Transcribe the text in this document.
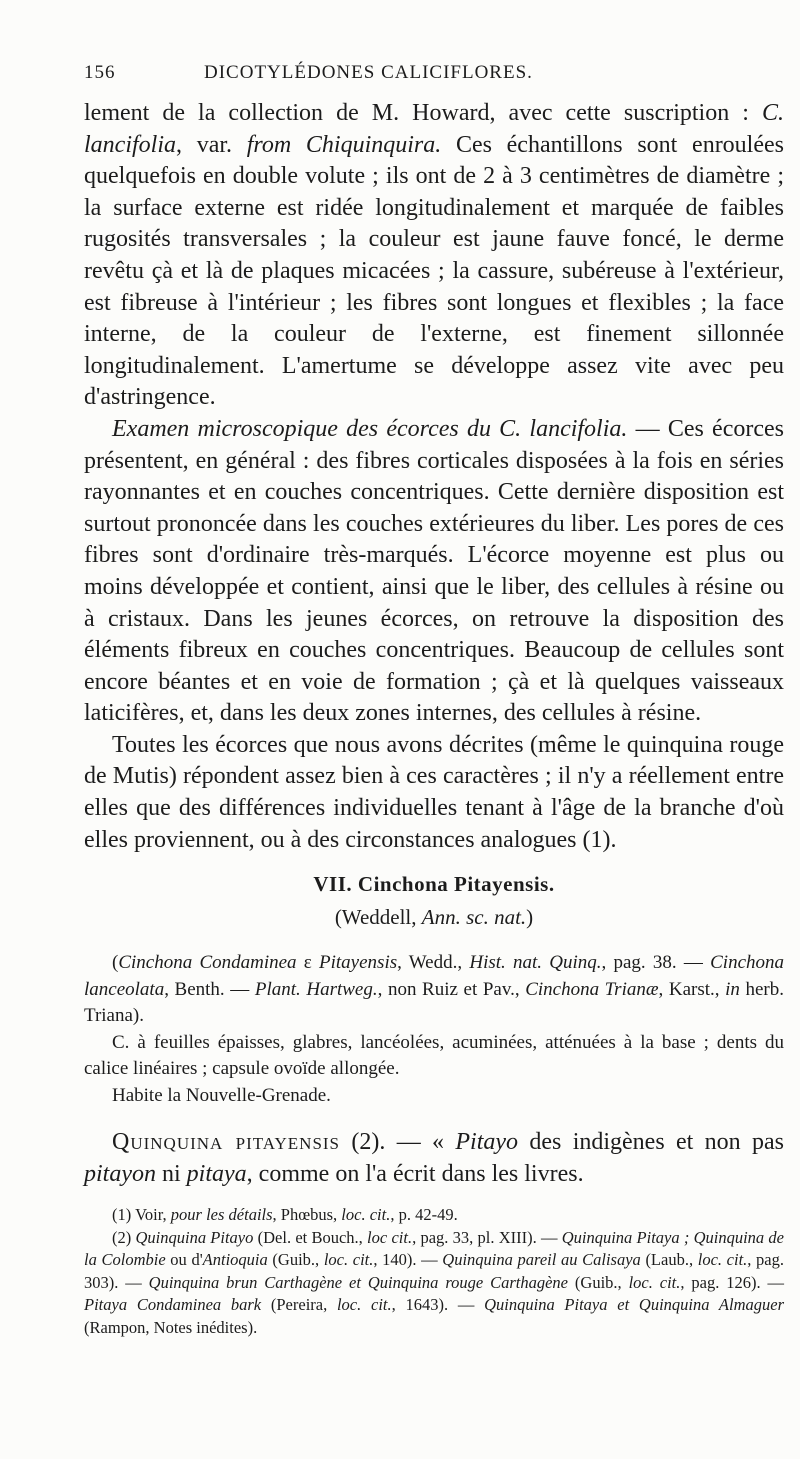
156	DICOTYLÉDONES CALICIFLORES.

lement de la collection de M. Howard, avec cette suscription : C. lancifolia, var. from Chiquinquira. Ces échantillons sont enroulées quelquefois en double volute ; ils ont de 2 à 3 centimètres de diamètre ; la surface externe est ridée longitudinalement et marquée de faibles rugosités transversales ; la couleur est jaune fauve foncé, le derme revêtu çà et là de plaques micacées ; la cassure, subéreuse à l'extérieur, est fibreuse à l'intérieur ; les fibres sont longues et flexibles ; la face interne, de la couleur de l'externe, est finement sillonnée longitudinalement. L'amertume se développe assez vite avec peu d'astringence.

Examen microscopique des écorces du C. lancifolia. — Ces écorces présentent, en général : des fibres corticales disposées à la fois en séries rayonnantes et en couches concentriques. Cette dernière disposition est surtout prononcée dans les couches extérieures du liber. Les pores de ces fibres sont d'ordinaire très-marqués. L'écorce moyenne est plus ou moins développée et contient, ainsi que le liber, des cellules à résine ou à cristaux. Dans les jeunes écorces, on retrouve la disposition des éléments fibreux en couches concentriques. Beaucoup de cellules sont encore béantes et en voie de formation ; çà et là quelques vaisseaux laticifères, et, dans les deux zones internes, des cellules à résine.

Toutes les écorces que nous avons décrites (même le quinquina rouge de Mutis) répondent assez bien à ces caractères ; il n'y a réellement entre elles que des différences individuelles tenant à l'âge de la branche d'où elles proviennent, ou à des circonstances analogues (1).

VII. Cinchona Pitayensis.
(Weddell, Ann. sc. nat.)

(Cinchona Condaminea ε Pitayensis, Wedd., Hist. nat. Quinq., pag. 38. — Cinchona lanceolata, Benth. — Plant. Hartweg., non Ruiz et Pav., Cinchona Trianæ, Karst., in herb. Triana).

C. à feuilles épaisses, glabres, lancéolées, acuminées, atténuées à la base ; dents du calice linéaires ; capsule ovoïde allongée.

Habite la Nouvelle-Grenade.

Quinquina pitayensis (2). — « Pitayo des indigènes et non pas pitayon ni pitaya, comme on l'a écrit dans les livres.

(1) Voir, pour les détails, Phœbus, loc. cit., p. 42-49.

(2) Quinquina Pitayo (Del. et Bouch., loc cit., pag. 33, pl. XIII). — Quinquina Pitaya ; Quinquina de la Colombie ou d'Antioquia (Guib., loc. cit., 140). — Quinquina pareil au Calisaya (Laub., loc. cit., pag. 303). — Quinquina brun Carthagène et Quinquina rouge Carthagène (Guib., loc. cit., pag. 126). — Pitaya Condaminea bark (Pereira, loc. cit., 1643). — Quinquina Pitaya et Quinquina Almaguer (Rampon, Notes inédites).
